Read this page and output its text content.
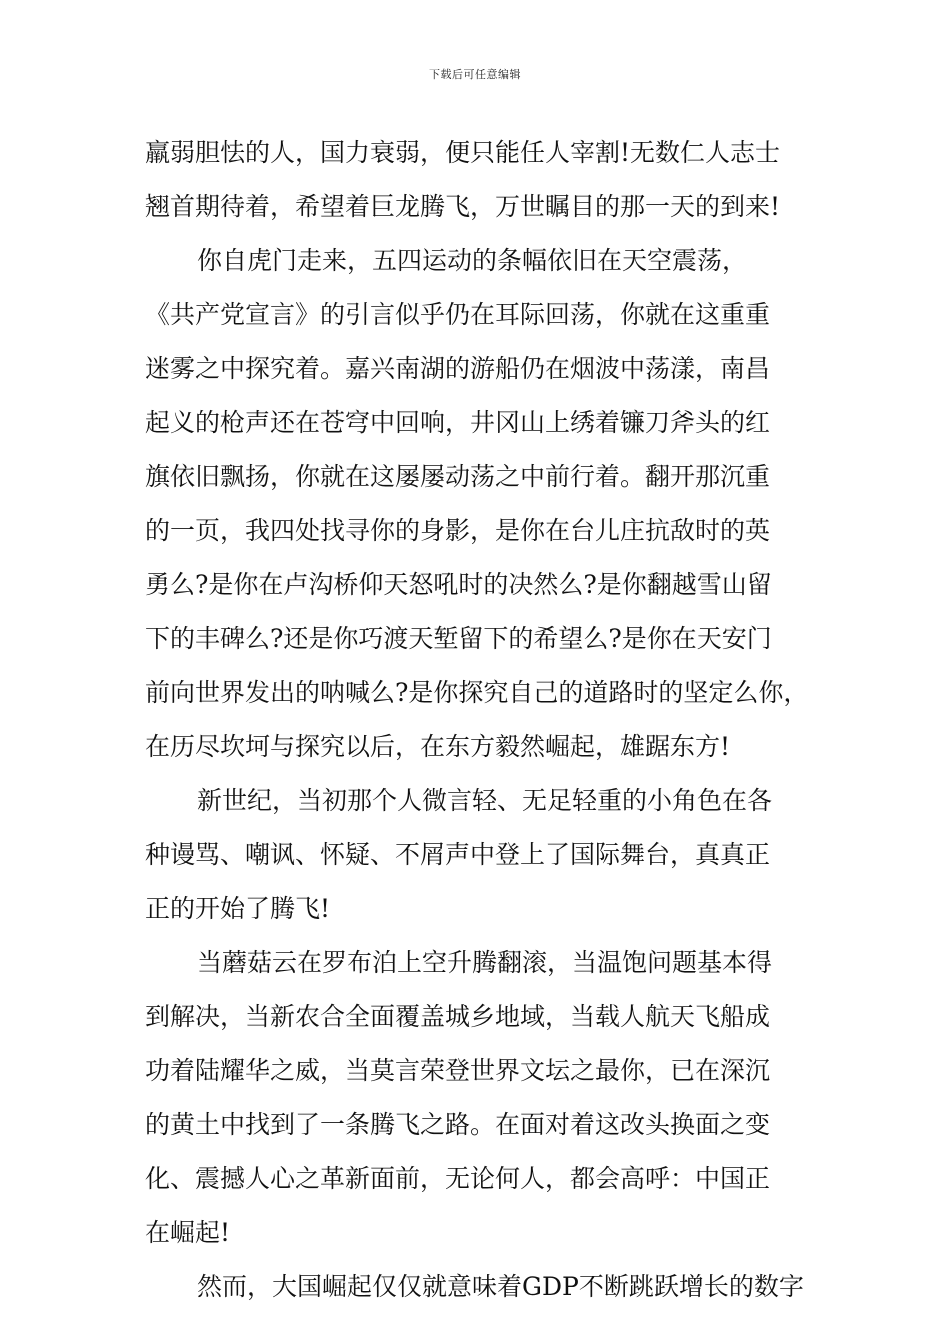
下载后可任意编辑
羸弱胆怯的人，国力衰弱，便只能任人宰割!无数仁人志士
翘首期待着，希望着巨龙腾飞，万世瞩目的那一天的到来!
你自虎门走来，五四运动的条幅依旧在天空震荡，
《共产党宣言》的引言似乎仍在耳际回荡，你就在这重重
迷雾之中探究着。嘉兴南湖的游船仍在烟波中荡漾，南昌
起义的枪声还在苍穹中回响，井冈山上绣着镰刀斧头的红
旗依旧飘扬，你就在这屡屡动荡之中前行着。翻开那沉重
的一页，我四处找寻你的身影，是你在台儿庄抗敌时的英
勇么?是你在卢沟桥仰天怒吼时的决然么?是你翻越雪山留
下的丰碑么?还是你巧渡天堑留下的希望么?是你在天安门
前向世界发出的呐喊么?是你探究自己的道路时的坚定么你，
在历尽坎坷与探究以后，在东方毅然崛起，雄踞东方!
新世纪，当初那个人微言轻、无足轻重的小角色在各
种谩骂、嘲讽、怀疑、不屑声中登上了国际舞台，真真正
正的开始了腾飞!
当蘑菇云在罗布泊上空升腾翻滚，当温饱问题基本得
到解决，当新农合全面覆盖城乡地域，当载人航天飞船成
功着陆耀华之威，当莫言荣登世界文坛之最你，已在深沉
的黄土中找到了一条腾飞之路。在面对着这改头换面之变
化、震撼人心之革新面前，无论何人，都会高呼：中国正
在崛起!
然而，大国崛起仅仅就意味着GDP不断跳跃增长的数字
